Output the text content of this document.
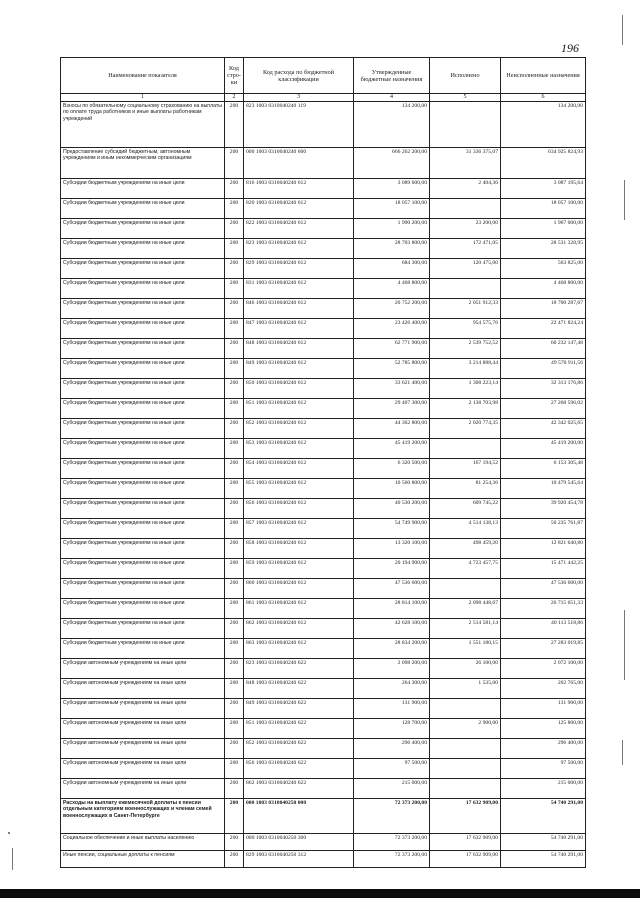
196
Наименование показателя	Код стро-ки	Код расхода по бюджетной классификации	Утвержденные бюджетные назначения	Исполнено	Неисполненные назначения
1	2	3	4	5	6
Взносы по обязательному социальному страхованию на выплаты по оплате труда работников и иные выплаты работникам учреждений	200	823 1003 0310040240 119	134 200,00		134 200,00
Предоставление субсидий бюджетным, автономным учреждениям и иным некоммерческим организациям	200	000 1003 0310040240 600	666 262 200,00	31 336 375,07	634 925 824,93
Субсидии бюджетным учреждениям на иные цели	200	816 1003 0310040240 612	3 089 600,00	2 404,36	3 087 195,64
Субсидии бюджетным учреждениям на иные цели	200	820 1003 0310040240 612	18 057 100,00		18 057 100,00
Субсидии бюджетным учреждениям на иные цели	200	822 1003 0310040240 612	1 990 200,00	23 200,00	1 967 000,00
Субсидии бюджетным учреждениям на иные цели	200	823 1003 0310040240 612	28 703 800,00	172 471,05	28 531 328,95
Субсидии бюджетным учреждениям на иные цели	200	829 1003 0310040240 612	684 300,00	120 475,00	563 825,00
Субсидии бюджетным учреждениям на иные цели	200	831 1003 0310040240 612	4 468 800,00		4 468 800,00
Субсидии бюджетным учреждениям на иные цели	200	846 1003 0310040240 612	20 752 200,00	2 051 912,33	18 700 287,67
Субсидии бюджетным учреждениям на иные цели	200	847 1003 0310040240 612	23 426 400,00	954 575,76	22 471 824,24
Субсидии бюджетным учреждениям на иные цели	200	848 1003 0310040240 612	62 771 900,00	2 539 752,52	60 232 147,48
Субсидии бюджетным учреждениям на иные цели	200	849 1003 0310040240 612	52 785 800,00	3 214 888,44	49 570 911,56
Субсидии бюджетным учреждениям на иные цели	200	850 1003 0310040240 612	33 621 400,00	1 308 223,14	32 313 176,86
Субсидии бюджетным учреждениям на иные цели	200	851 1003 0310040240 612	29 407 300,00	2 138 703,98	27 268 596,02
Субсидии бюджетным учреждениям на иные цели	200	852 1003 0310040240 612	44 362 800,00	2 020 774,35	42 342 025,65
Субсидии бюджетным учреждениям на иные цели	200	853 1003 0310040240 612	45 419 200,00		45 419 200,00
Субсидии бюджетным учреждениям на иные цели	200	854 1003 0310040240 612	6 320 500,00	167 194,52	6 153 305,48
Субсидии бюджетным учреждениям на иные цели	200	855 1003 0310040240 612	10 560 800,00	81 254,36	10 479 545,64
Субсидии бюджетным учреждениям на иные цели	200	856 1003 0310040240 612	40 530 200,00	609 745,22	39 920 454,78
Субсидии бюджетным учреждениям на иные цели	200	857 1003 0310040240 612	54 749 900,00	4 514 138,13	50 235 761,87
Субсидии бюджетным учреждениям на иные цели	200	858 1003 0310040240 612	13 320 100,00	498 459,20	12 821 640,80
Субсидии бюджетным учреждениям на иные цели	200	859 1003 0310040240 612	20 194 900,00	4 723 457,75	15 471 442,25
Субсидии бюджетным учреждениям на иные цели	200	860 1003 0310040240 612	47 536 600,00		47 536 600,00
Субсидии бюджетным учреждениям на иные цели	200	861 1003 0310040240 612	28 814 100,00	2 098 448,67	26 715 651,33
Субсидии бюджетным учреждениям на иные цели	200	862 1003 0310040240 612	42 628 100,00	2 514 581,14	40 113 518,86
Субсидии бюджетным учреждениям на иные цели	200	863 1003 0310040240 612	28 834 200,00	1 551 180,15	27 283 019,85
Субсидии автономным учреждениям на иные цели	200	823 1003 0310040240 622	2 098 200,00	26 100,00	2 072 100,00
Субсидии автономным учреждениям на иные цели	200	848 1003 0310040240 622	264 300,00	1 535,00	262 765,00
Субсидии автономным учреждениям на иные цели	200	849 1003 0310040240 622	131 900,00		131 900,00
Субсидии автономным учреждениям на иные цели	200	851 1003 0310040240 622	128 700,00	2 900,00	125 800,00
Субсидии автономным учреждениям на иные цели	200	852 1003 0310040240 622	296 400,00		296 400,00
Субсидии автономным учреждениям на иные цели	200	856 1003 0310040240 622	97 500,00		97 500,00
Субсидии автономным учреждениям на иные цели	200	862 1003 0310040240 622	215 000,00		215 000,00
Расходы на выплату ежемесячной доплаты к пенсии отдельным категориям военнослужащих и членам семей военнослужащих в Санкт-Петербурге	200	000 1003 0310040250 000	72 373 200,00	17 632 909,00	54 740 291,00
Социальное обеспечение и иные выплаты населению	200	000 1003 0310040250 300	72 373 200,00	17 632 909,00	54 740 291,00
Иные пенсии, социальные доплаты к пенсиям	200	829 1003 0310040250 312	72 373 200,00	17 632 909,00	54 740 291,00
